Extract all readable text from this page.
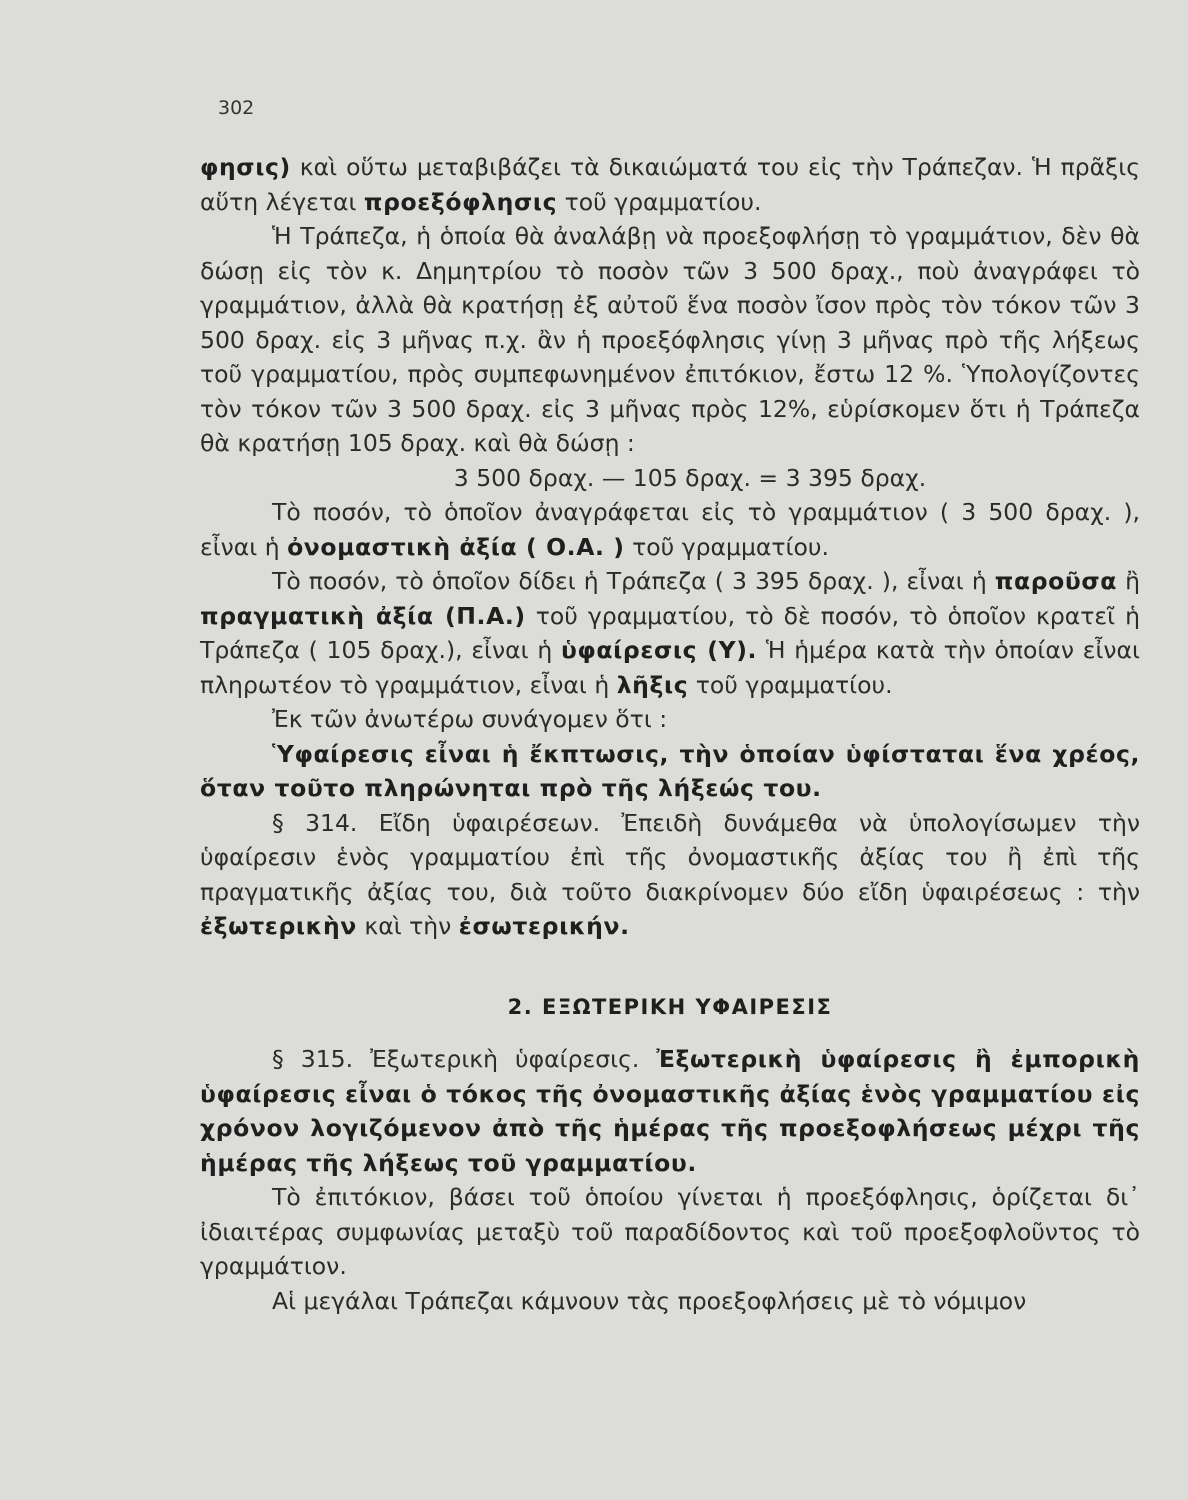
302

φησις) καὶ οὕτω μεταβιβάζει τὰ δικαιώματά του εἰς τὴν Τράπεζαν. Ἡ πρᾶξις αὕτη λέγεται προεξόφλησις τοῦ γραμματίου.

Ἡ Τράπεζα, ἡ ὁποία θὰ ἀναλάβῃ νὰ προεξοφλήσῃ τὸ γραμμάτιον, δὲν θὰ δώσῃ εἰς τὸν κ. Δημητρίου τὸ ποσὸν τῶν 3 500 δραχ., ποὺ ἀναγράφει τὸ γραμμάτιον, ἀλλὰ θὰ κρατήσῃ ἐξ αὐτοῦ ἕνα ποσὸν ἴσον πρὸς τὸν τόκον τῶν 3 500 δραχ. εἰς 3 μῆνας π.χ. ἂν ἡ προεξόφλησις γίνῃ 3 μῆνας πρὸ τῆς λήξεως τοῦ γραμματίου, πρὸς συμπεφωνημένον ἐπιτόκιον, ἔστω 12 %. Ὑπολογίζοντες τὸν τόκον τῶν 3 500 δραχ. εἰς 3 μῆνας πρὸς 12%, εὑρίσκομεν ὅτι ἡ Τράπεζα θὰ κρατήσῃ 105 δραχ. καὶ θὰ δώσῃ :

3 500 δραχ. — 105 δραχ. = 3 395 δραχ.

Τὸ ποσόν, τὸ ὁποῖον ἀναγράφεται εἰς τὸ γραμμάτιον ( 3 500 δραχ. ), εἶναι ἡ ὀνομαστικὴ ἀξία ( Ο.Α. ) τοῦ γραμματίου.

Τὸ ποσόν, τὸ ὁποῖον δίδει ἡ Τράπεζα ( 3 395 δραχ. ), εἶναι ἡ παροῦσα ἢ πραγματικὴ ἀξία (Π.Α.) τοῦ γραμματίου, τὸ δὲ ποσόν, τὸ ὁποῖον κρατεῖ ἡ Τράπεζα ( 105 δραχ.), εἶναι ἡ ὑφαίρεσις (Υ). Ἡ ἡμέρα κατὰ τὴν ὁποίαν εἶναι πληρωτέον τὸ γραμμάτιον, εἶναι ἡ λῆξις τοῦ γραμματίου.

Ἐκ τῶν ἀνωτέρω συνάγομεν ὅτι :

Ὑφαίρεσις εἶναι ἡ ἔκπτωσις, τὴν ὁποίαν ὑφίσταται ἕνα χρέος, ὅταν τοῦτο πληρώνηται πρὸ τῆς λήξεώς του.

§ 314. Εἴδη ὑφαιρέσεων. Ἐπειδὴ δυνάμεθα νὰ ὑπολογίσωμεν τὴν ὑφαίρεσιν ἑνὸς γραμματίου ἐπὶ τῆς ὀνομαστικῆς ἀξίας του ἢ ἐπὶ τῆς πραγματικῆς ἀξίας του, διὰ τοῦτο διακρίνομεν δύο εἴδη ὑφαιρέσεως : τὴν ἐξωτερικὴν καὶ τὴν ἐσωτερικήν.

2. ΕΞΩΤΕΡΙΚΗ ΥΦΑΙΡΕΣΙΣ

§ 315. Ἐξωτερικὴ ὑφαίρεσις. Ἐξωτερικὴ ὑφαίρεσις ἢ ἐμπορικὴ ὑφαίρεσις εἶναι ὁ τόκος τῆς ὀνομαστικῆς ἀξίας ἑνὸς γραμματίου εἰς χρόνον λογιζόμενον ἀπὸ τῆς ἡμέρας τῆς προεξοφλήσεως μέχρι τῆς ἡμέρας τῆς λήξεως τοῦ γραμματίου.

Τὸ ἐπιτόκιον, βάσει τοῦ ὁποίου γίνεται ἡ προεξόφλησις, ὁρίζεται δι᾽ ἰδιαιτέρας συμφωνίας μεταξὺ τοῦ παραδίδοντος καὶ τοῦ προεξοφλοῦντος τὸ γραμμάτιον.

Αἱ μεγάλαι Τράπεζαι κάμνουν τὰς προεξοφλήσεις μὲ τὸ νόμιμον
